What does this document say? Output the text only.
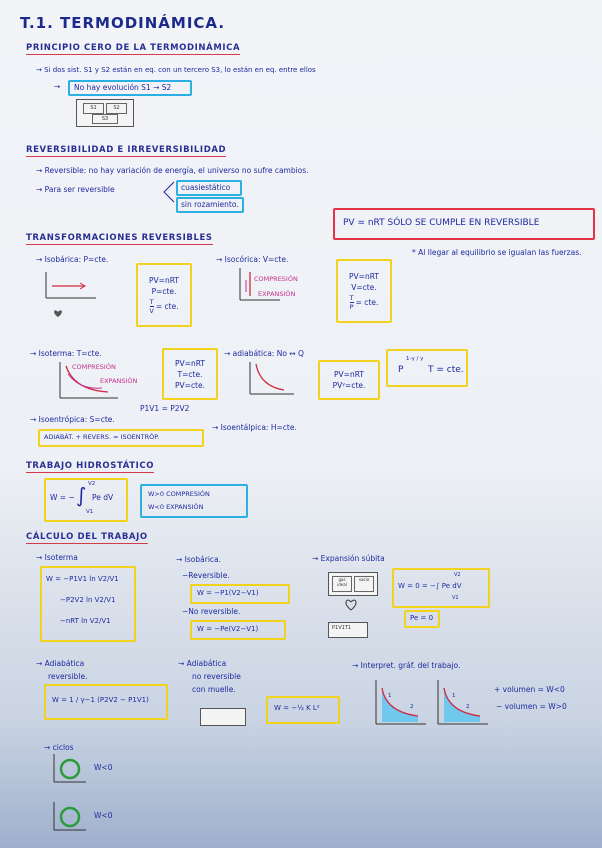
T.1. TERMODINÁMICA.
PRINCIPIO CERO DE LA TERMODINÁMICA
→ Si dos sist. S1 y S2 están en eq. con un tercero S3, lo están en eq. entre ellos
→ No hay evolución S1 → S2
S1	S2
S3
REVERSIBILIDAD E IRREVERSIBILIDAD
→ Reversible: no hay variación de energía, el universo no sufre cambios.
→ Para ser reversible	cuasiestático
sin rozamiento.
PV = nRT SÓLO SE CUMPLE EN REVERSIBLE
TRANSFORMACIONES REVERSIBLES
→ Isobárica: P=cte.
PV=nRT
P=cte.
$\frac{T}{V}$ = cte.
→ Isocórica: V=cte.
COMPRESIÓN
EXPANSIÓN
PV=nRT
V=cte.
$\frac{T}{P}$ = cte.
* Al llegar al equilibrio se igualan las fuerzas.
→ Isoterma: T=cte.
COMPRESIÓN
EXPANSIÓN
PV=nRT
T=cte.
PV=cte.
P1V1 = P2V2
→ adiabática: No ↔ Q
PV=nRT
PVᵞ=cte.
P
1-γ / γ
T = cte.
→ Isoentrópica: S=cte.
ADIABÁT. + REVERS. = ISOENTRÓP.
→ Isoentálpica: H=cte.
TRABAJO HIDROSTÁTICO
W = − ∫ V2
V1
Pe dV	W>0 COMPRESIÓN
W<0 EXPANSIÓN
CÁLCULO DEL TRABAJO
→ Isoterma
W = −P1V1 ln V2/V1
−P2V2 ln V2/V1
−nRT ln V2/V1
→ Isobárica.
−Reversible.
W = −P1(V2−V1)
−No reversible.
W = −Pe(V2−V1)
→ Expansión súbita
gas ideal
vacío
P1V1T1
W = 0 = −∫ Pe dV
V2
V1
Pe = 0
→ Adiabática
reversible.
W = 1 / γ−1 (P2V2 − P1V1)
→ Adiabática
no reversible
con muelle.
W = −½ K L²
→ Interpret. gráf. del trabajo.
1
2
1
2
+ volumen = W<0
− volumen = W>0
→ ciclos
W<0
W<0
